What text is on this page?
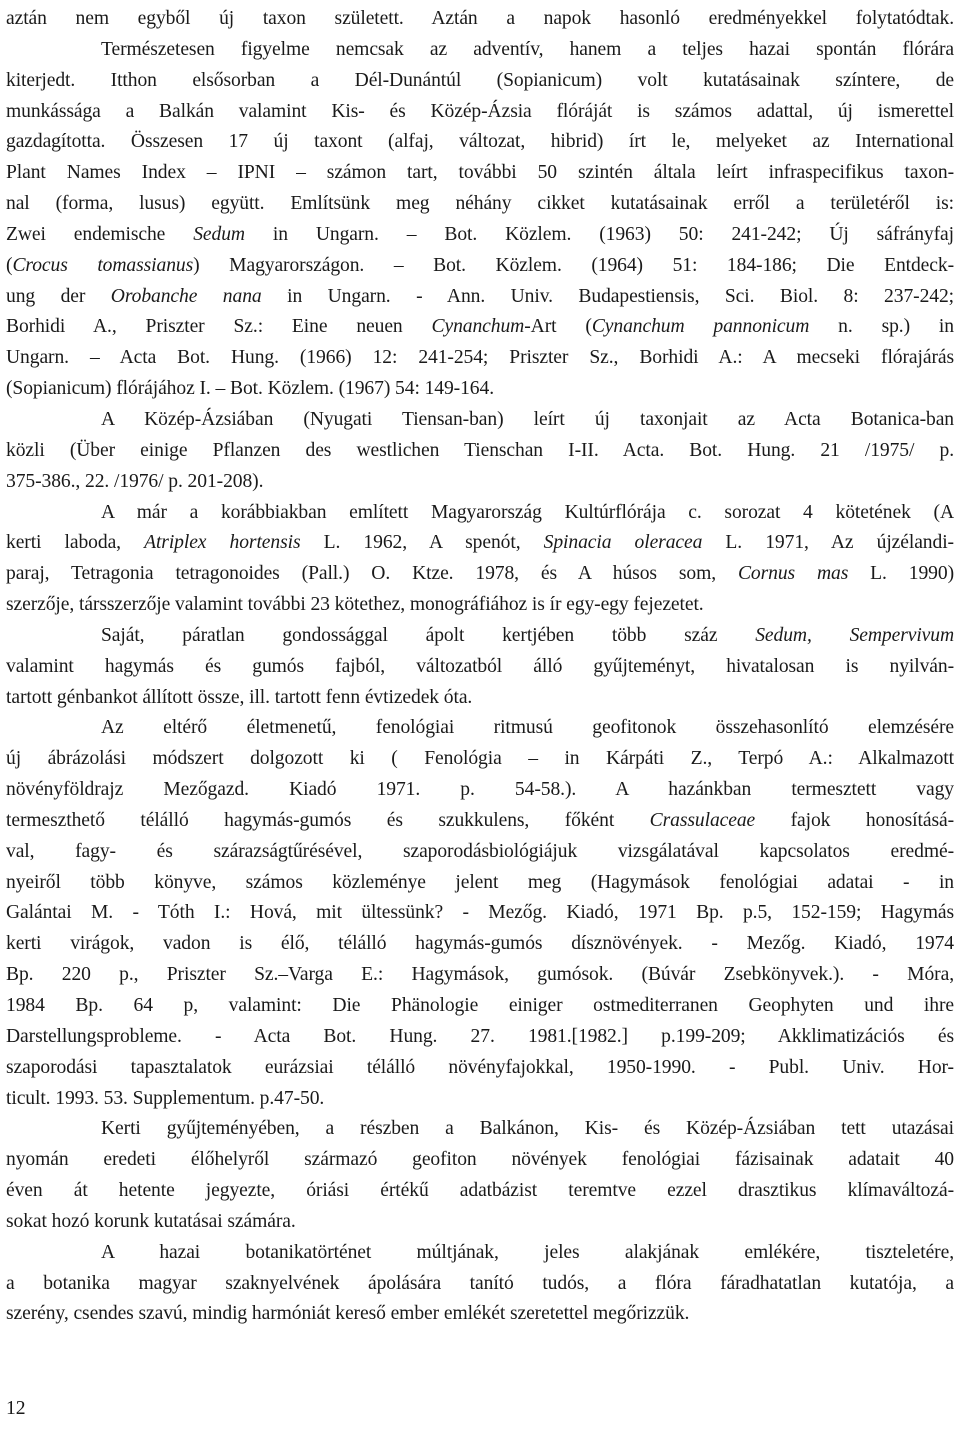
aztán nem egyből új taxon született. Aztán a napok hasonló eredményekkel folytatódtak.
Természetesen figyelme nemcsak az adventív, hanem a teljes hazai spontán flórára
kiterjedt. Itthon elsősorban a Dél-Dunántúl (Sopianicum) volt kutatásainak színtere, de
munkássága a Balkán valamint Kis- és Közép-Ázsia flóráját is számos adattal, új ismerettel
gazdagította. Összesen 17 új taxont (alfaj, változat, hibrid) írt le, melyeket az International
Plant Names Index – IPNI – számon tart, további 50 szintén általa leírt infraspecifikus taxon-
nal (forma, lusus) együtt. Említsünk meg néhány cikket kutatásainak erről a területéről is:
Zwei endemische Sedum in Ungarn. – Bot. Közlem. (1963) 50: 241-242; Új sáfrányfaj
(Crocus tomassianus) Magyarországon. – Bot. Közlem. (1964) 51: 184-186; Die Entdeck-
ung der Orobanche nana in Ungarn. - Ann. Univ. Budapestiensis, Sci. Biol. 8: 237-242;
Borhidi A., Priszter Sz.: Eine neuen Cynanchum-Art (Cynanchum pannonicum n. sp.) in
Ungarn. – Acta Bot. Hung. (1966) 12: 241-254; Priszter Sz., Borhidi A.: A mecseki flórajárás
(Sopianicum) flórájához I. – Bot. Közlem. (1967) 54: 149-164.
A Közép-Ázsiában (Nyugati Tiensan-ban) leírt új taxonjait az Acta Botanica-ban
közli (Über einige Pflanzen des westlichen Tienschan I-II. Acta. Bot. Hung. 21 /1975/ p.
375-386., 22. /1976/ p. 201-208).
A már a korábbiakban említett Magyarország Kultúrflórája c. sorozat 4 kötetének (A
kerti laboda, Atriplex hortensis L. 1962, A spenót, Spinacia oleracea L. 1971, Az újzélandi-
paraj, Tetragonia tetragonoides (Pall.) O. Ktze. 1978, és A húsos som, Cornus mas L. 1990)
szerzője, társszerzője valamint további 23 kötethez, monográfiához is ír egy-egy fejezetet.
Saját, páratlan gondossággal ápolt kertjében több száz Sedum, Sempervivum
valamint hagymás és gumós fajból, változatból álló gyűjteményt, hivatalosan is nyilván-
tartott génbankot állított össze, ill. tartott fenn évtizedek óta.
Az eltérő életmenetű, fenológiai ritmusú geofitonok összehasonlító elemzésére
új ábrázolási módszert dolgozott ki ( Fenológia – in Kárpáti Z., Terpó A.: Alkalmazott
növényföldrajz Mezőgazd. Kiadó 1971. p. 54-58.). A hazánkban termesztett vagy
termeszthető télálló hagymás-gumós és szukkulens, főként Crassulaceae fajok honosításá-
val, fagy- és szárazságtűrésével, szaporodásbiológiájuk vizsgálatával kapcsolatos eredmé-
nyeiről több könyve, számos közleménye jelent meg (Hagymások fenológiai adatai - in
Galántai M. - Tóth I.: Hová, mit ültessünk? - Mezőg. Kiadó, 1971 Bp. p.5, 152-159; Hagymás
kerti virágok, vadon is élő, télálló hagymás-gumós dísznövények. - Mezőg. Kiadó, 1974
Bp. 220 p., Priszter Sz.–Varga E.: Hagymások, gumósok. (Búvár Zsebkönyvek.). - Móra,
1984 Bp. 64 p, valamint: Die Phänologie einiger ostmediterranen Geophyten und ihre
Darstellungsprobleme. - Acta Bot. Hung. 27. 1981.[1982.] p.199-209; Akklimatizációs és
szaporodási tapasztalatok eurázsiai télálló növényfajokkal, 1950-1990. - Publ. Univ. Hor-
ticult. 1993. 53. Supplementum. p.47-50.
Kerti gyűjteményében, a részben a Balkánon, Kis- és Közép-Ázsiában tett utazásai
nyomán eredeti élőhelyről származó geofiton növények fenológiai fázisainak adatait 40
éven át hetente jegyezte, óriási értékű adatbázist teremtve ezzel drasztikus klímaváltozá-
sokat hozó korunk kutatásai számára.
A hazai botanikatörténet múltjának, jeles alakjának emlékére, tiszteletére,
a botanika magyar szaknyelvének ápolására tanító tudós, a flóra fáradhatatlan kutatója, a
szerény, csendes szavú, mindig harmóniát kereső ember emlékét szeretettel megőrizzük.
12
